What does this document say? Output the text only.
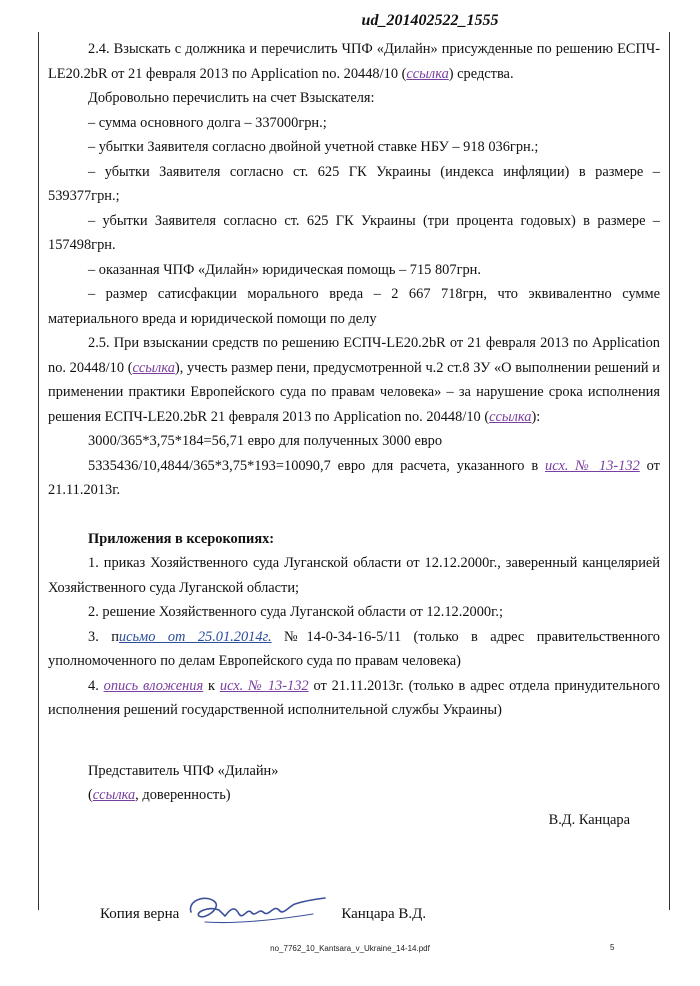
ud_201402522_1555

2.4. Взыскать с должника и перечислить ЧПФ «Дилайн» присужденные по решению ЕСПЧ-LE20.2bR от 21 февраля 2013 по Application no. 20448/10 (ссылка) средства.

Добровольно перечислить на счет Взыскателя:

– сумма основного долга – 337000грн.;

– убытки Заявителя согласно двойной учетной ставке НБУ – 918 036грн.;

– убытки Заявителя согласно ст. 625 ГК Украины (индекса инфляции) в размере – 539377грн.;

– убытки Заявителя согласно ст. 625 ГК Украины (три процента годовых) в размере – 157498грн.

– оказанная ЧПФ «Дилайн» юридическая помощь – 715 807грн.

– размер сатисфакции морального вреда – 2 667 718грн, что эквивалентно сумме материального вреда и юридической помощи по делу

2.5. При взыскании средств по решению ЕСПЧ-LE20.2bR от 21 февраля 2013 по Application no. 20448/10 (ссылка), учесть размер пени, предусмотренной ч.2 ст.8 ЗУ «О выполнении решений и применении практики Европейского суда по правам человека» – за нарушение срока исполнения решения ЕСПЧ-LE20.2bR 21 февраля 2013 по Application no. 20448/10 (ссылка):

3000/365*3,75*184=56,71 евро для полученных 3000 евро

5335436/10,4844/365*3,75*193=10090,7 евро для расчета, указанного в исх. № 13-132 от 21.11.2013г.

Приложения в ксерокопиях:

1. приказ Хозяйственного суда Луганской области от 12.12.2000г., заверенный канцелярией Хозяйственного суда Луганской области;

2. решение Хозяйственного суда Луганской области от 12.12.2000г.;

3. письмо от 25.01.2014г. №14-0-34-16-5/11 (только в адрес правительственного уполномоченного по делам Европейского суда по правам человека)

4. опись вложения к исх. № 13-132 от 21.11.2013г. (только в адрес отдела принудительного исполнения решений государственной исполнительной службы Украины)

Представитель ЧПФ «Дилайн»

(ссылка, доверенность)

В.Д. Канцара
Копия верна	Канцара В.Д.
no_7762_10_Kantsara_v_Ukraine_14-14.pdf	5
